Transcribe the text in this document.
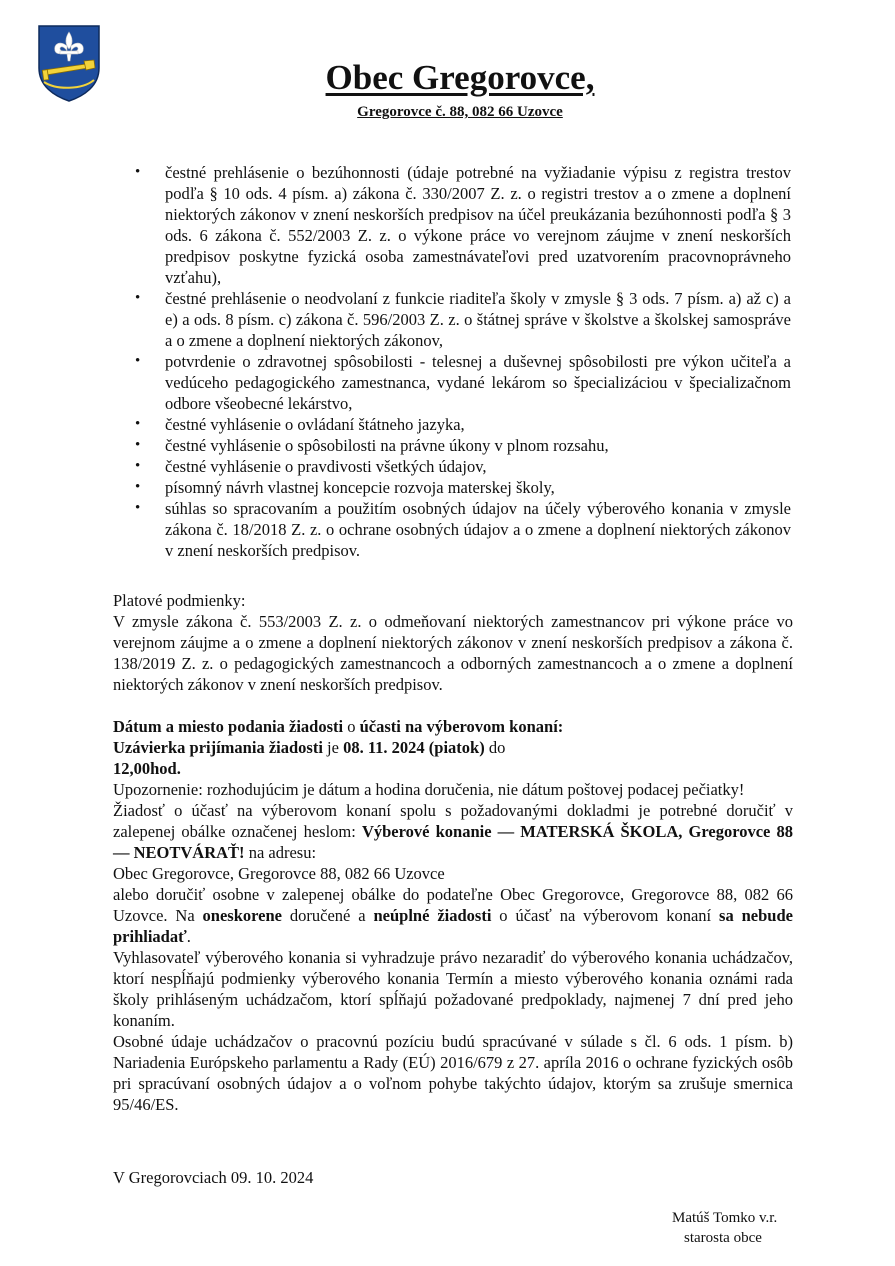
Obec Gregorovce,
Gregorovce č. 88, 082 66 Uzovce
• čestné prehlásenie o bezúhonnosti (údaje potrebné na vyžiadanie výpisu z registra trestov podľa § 10 ods. 4 písm. a) zákona č. 330/2007 Z. z. o registri trestov a o zmene a doplnení niektorých zákonov v znení neskorších predpisov na účel preukázania bezúhonnosti podľa § 3 ods. 6 zákona č. 552/2003 Z. z. o výkone práce vo verejnom záujme v znení neskorších predpisov poskytne fyzická osoba zamestnávateľovi pred uzatvorením pracovnoprávneho vzťahu),
• čestné prehlásenie o neodvolaní z funkcie riaditeľa školy v zmysle § 3 ods. 7 písm. a) až c) a e) a ods. 8 písm. c) zákona č. 596/2003 Z. z. o štátnej správe v školstve a školskej samospráve a o zmene a doplnení niektorých zákonov,
• potvrdenie o zdravotnej spôsobilosti - telesnej a duševnej spôsobilosti pre výkon učiteľa a vedúceho pedagogického zamestnanca, vydané lekárom so špecializáciou v špecializačnom odbore všeobecné lekárstvo,
• čestné vyhlásenie o ovládaní štátneho jazyka,
• čestné vyhlásenie o spôsobilosti na právne úkony v plnom rozsahu,
• čestné vyhlásenie o pravdivosti všetkých údajov,
• písomný návrh vlastnej koncepcie rozvoja materskej školy,
• súhlas so spracovaním a použitím osobných údajov na účely výberového konania v zmysle zákona č. 18/2018 Z. z. o ochrane osobných údajov a o zmene a doplnení niektorých zákonov v znení neskorších predpisov.

Platové podmienky:

V zmysle zákona č. 553/2003 Z. z. o odmeňovaní niektorých zamestnancov pri výkone práce vo verejnom záujme a o zmene a doplnení niektorých zákonov v znení neskorších predpisov a zákona č. 138/2019 Z. z. o pedagogických zamestnancoch a odborných zamestnancoch a o zmene a doplnení niektorých zákonov v znení neskorších predpisov.

Dátum a miesto podania žiadosti o účasti na výberovom konaní:

Uzávierka prijímania žiadosti je 08. 11. 2024 (piatok) do
12,00hod.

Upozornenie: rozhodujúcim je dátum a hodina doručenia, nie dátum poštovej podacej pečiatky!

Žiadosť o účasť na výberovom konaní spolu s požadovanými dokladmi je potrebné doručiť v zalepenej obálke označenej heslom: Výberové konanie — MATERSKÁ ŠKOLA, Gregorovce 88 — NEOTVÁRAŤ! na adresu:

Obec Gregorovce, Gregorovce 88, 082 66 Uzovce

alebo doručiť osobne v zalepenej obálke do podateľne Obec Gregorovce, Gregorovce 88, 082 66 Uzovce. Na oneskorene doručené a neúplné žiadosti o účasť na výberovom konaní sa nebude prihliadať.

Vyhlasovateľ výberového konania si vyhradzuje právo nezaradiť do výberového konania uchádzačov, ktorí nespĺňajú podmienky výberového konania Termín a miesto výberového konania oznámi rada školy prihláseným uchádzačom, ktorí spĺňajú požadované predpoklady, najmenej 7 dní pred jeho konaním.

Osobné údaje uchádzačov o pracovnú pozíciu budú spracúvané v súlade s čl. 6 ods. 1 písm. b) Nariadenia Európskeho parlamentu a Rady (EÚ) 2016/679 z 27. apríla 2016 o ochrane fyzických osôb pri spracúvaní osobných údajov a o voľnom pohybe takýchto údajov, ktorým sa zrušuje smernica 95/46/ES.

V Gregorovciach 09. 10. 2024
Matúš Tomko v.r.
starosta obce
